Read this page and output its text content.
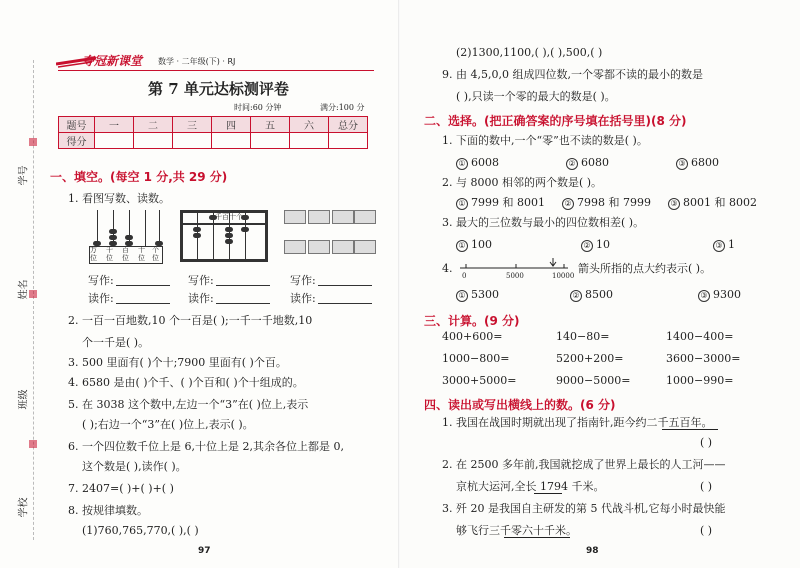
夺冠新课堂 数学 · 二年级(下) · RJ
第 7 单元达标测评卷
时间:60 分钟	满分:100 分
题号	一	二	三	四	五	六	总分
得分							
学号
姓名
班级
学校
一、填空。(每空 1 分,共 29 分)
1. 看图写数、读数。
万位
千位
百位
十位
个位
千百十个
写作:
读作:
写作:
读作:
写作:
读作:
2. 一百一百地数,10 个一百是( );一千一千地数,10
个一千是( )。
3. 500 里面有( )个十;7900 里面有( )个百。
4. 6580 是由( )个千、( )个百和( )个十组成的。
5. 在 3038 这个数中,左边一个“3”在( )位上,表示
( );右边一个“3”在( )位上,表示( )。
6. 一个四位数千位上是 6,十位上是 2,其余各位上都是 0,
这个数是( ),读作( )。
7. 2407=( )+( )+( )
8. 按规律填数。
(1)760,765,770,( ),( )
97
(2)1300,1100,( ),( ),500,( )
9. 由 4,5,0,0 组成四位数,一个零都不读的最小的数是
( ),只读一个零的最大的数是( )。
二、选择。(把正确答案的序号填在括号里)(8 分)
1. 下面的数中,一个“零”也不读的数是( )。
① 6008	② 6080	③ 6800
2. 与 8000 相邻的两个数是( )。
① 7999 和 8001 ② 7998 和 7999 ③ 8001 和 8002
3. 最大的三位数与最小的四位数相差( )。
① 100	② 10	③ 1
4.
0	5000	10000
箭头所指的点大约表示( )。
① 5300	② 8500	③ 9300
三、计算。(9 分)
400+600=	140−80=	1400−400=
1000−800=	5200+200=	3600−3000=
3000+5000=	9000−5000=	1000−990=
四、读出或写出横线上的数。(6 分)
1. 我国在战国时期就出现了指南针,距今约二千五百年。
( )
2. 在 2500 多年前,我国就挖成了世界上最长的人工河——
京杭大运河,全长 1794 千米。	( )
3. 歼 20 是我国自主研发的第 5 代战斗机,它每小时最快能
够飞行三千零六十千米。	( )
98
